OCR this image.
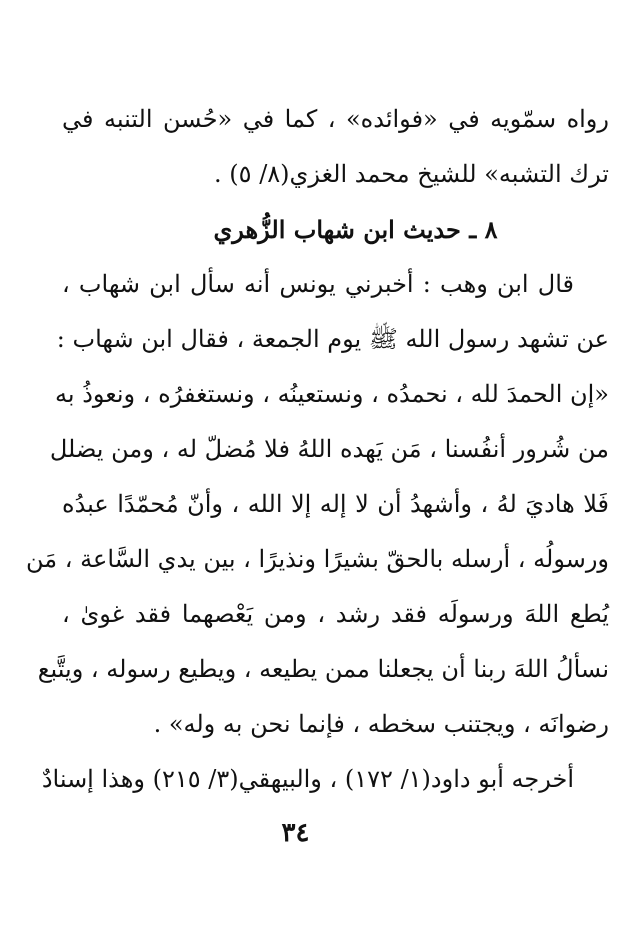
رواه سمّويه في «فوائده» ، كما في «حُسن التنبه في
ترك التشبه» للشيخ محمد الغزي(٨/ ٥) .
٨ ـ حديث ابن شهاب الزُّهري
قال ابن وهب : أخبرني يونس أنه سأل ابن شهاب ،
عن تشهد رسول الله ﷺ يوم الجمعة ، فقال ابن شهاب :
«إن الحمدَ لله ، نحمدُه ، ونستعينُه ، ونستغفرُه ، ونعوذُ به
من شُرور أنفُسنا ، مَن يَهده اللهُ فلا مُضلّ له ، ومن يضلل
فَلا هاديَ لهُ ، وأشهدُ أن لا إله إلا الله ، وأنّ مُحمّدًا عبدُه
ورسولُه ، أرسله بالحقّ بشيرًا ونذيرًا ، بين يدي السَّاعة ، مَن
يُطع اللهَ ورسولَه فقد رشد ، ومن يَعْصهما فقد غوىٰ ،
نسألُ اللهَ ربنا أن يجعلنا ممن يطيعه ، ويطيع رسوله ، ويتَّبع
رضوانَه ، ويجتنب سخطه ، فإنما نحن به وله» .
أخرجه أبو داود(١/ ١٧٢) ، والبيهقي(٣/ ٢١٥) وهذا إسنادٌ
٣٤
